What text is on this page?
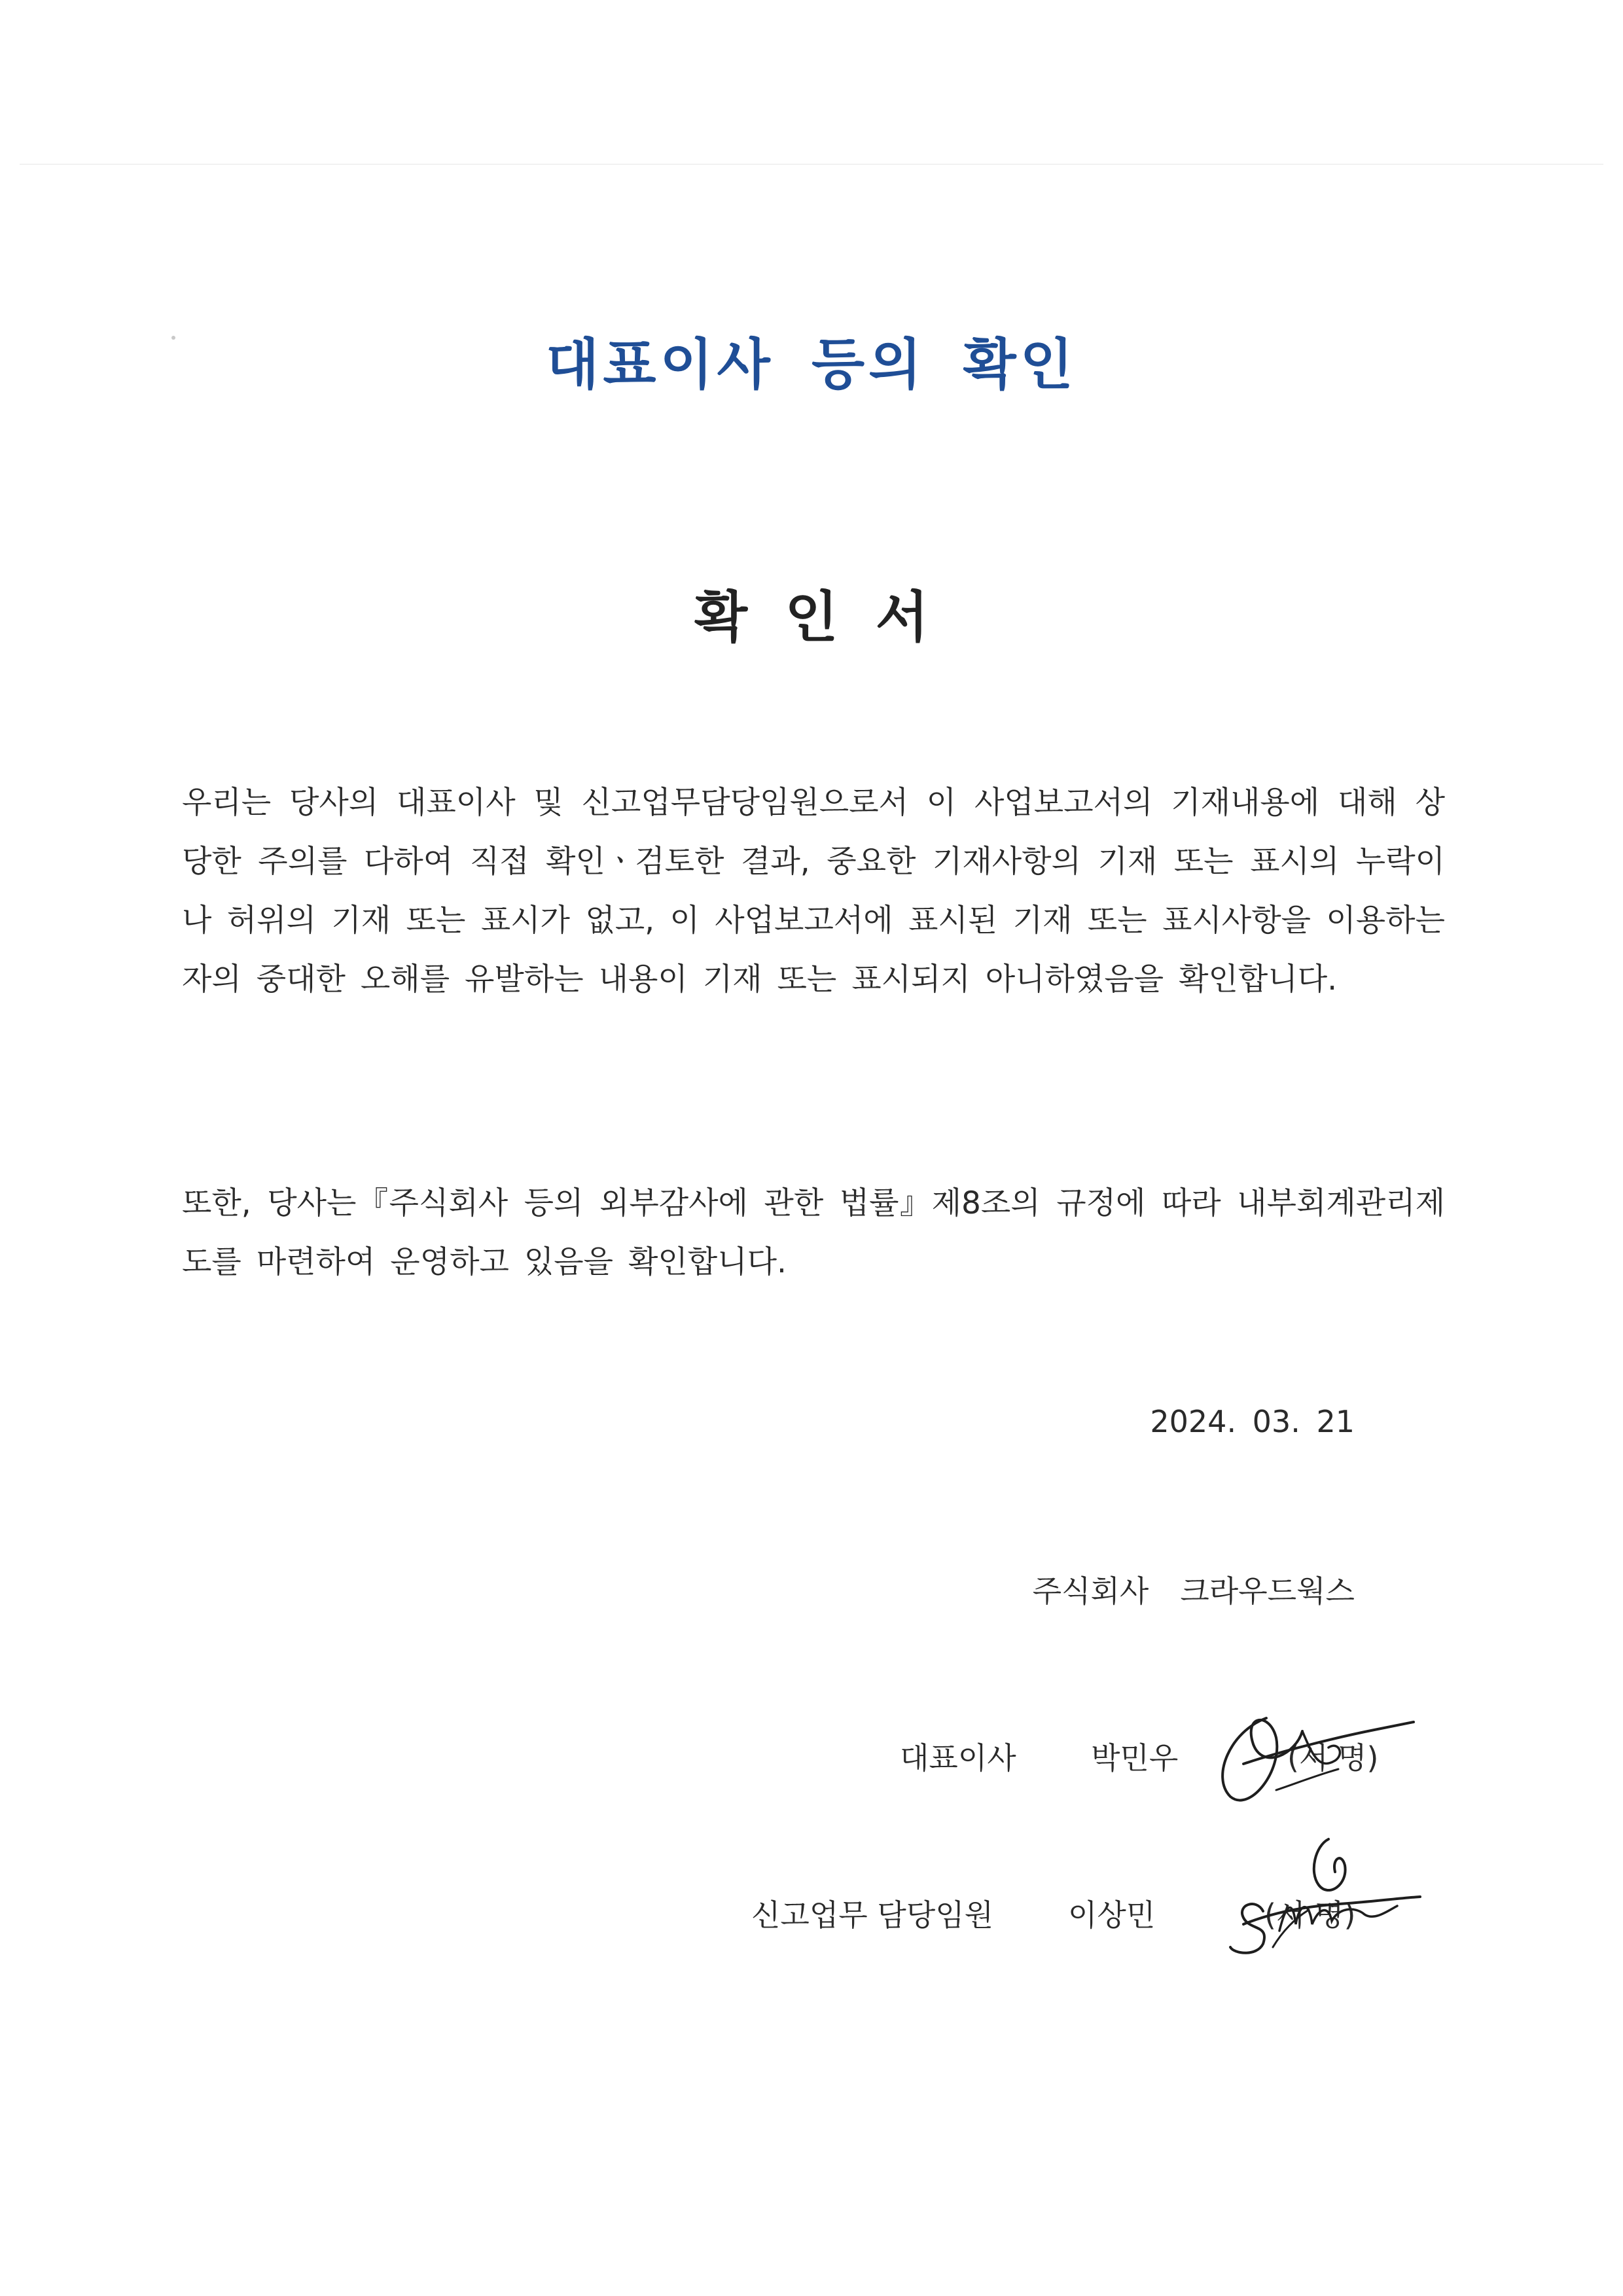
대표이사 등의 확인
확 인 서

우리는 당사의 대표이사 및 신고업무담당임원으로서 이 사업보고서의 기재내용에 대해 상당한 주의를 다하여 직접 확인ㆍ검토한 결과, 중요한 기재사항의 기재 또는 표시의 누락이나 허위의 기재 또는 표시가 없고, 이 사업보고서에 표시된 기재 또는 표시사항을 이용하는 자의 중대한 오해를 유발하는 내용이 기재 또는 표시되지 아니하였음을 확인합니다.

또한, 당사는『주식회사 등의 외부감사에 관한 법률』제8조의 규정에 따라 내부회계관리제도를 마련하여 운영하고 있음을 확인합니다.

2024. 03. 21
주식회사 크라우드웍스
대표이사 박민우	(서 명)
신고업무 담당임원 이상민	(서 명)
